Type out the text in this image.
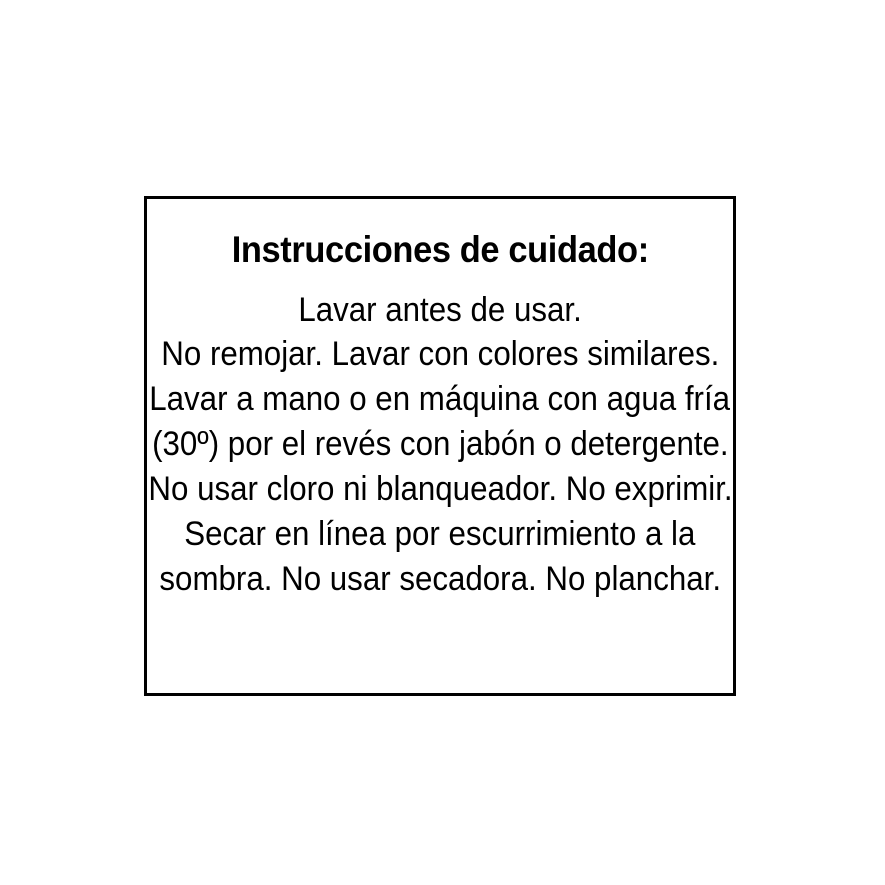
Instrucciones de cuidado:
Lavar antes de usar.
No remojar. Lavar con colores similares.
Lavar a mano o en máquina con agua fría
(30º) por el revés con jabón o detergente.
No usar cloro ni blanqueador. No exprimir.
Secar en línea por escurrimiento a la
sombra. No usar secadora. No planchar.
